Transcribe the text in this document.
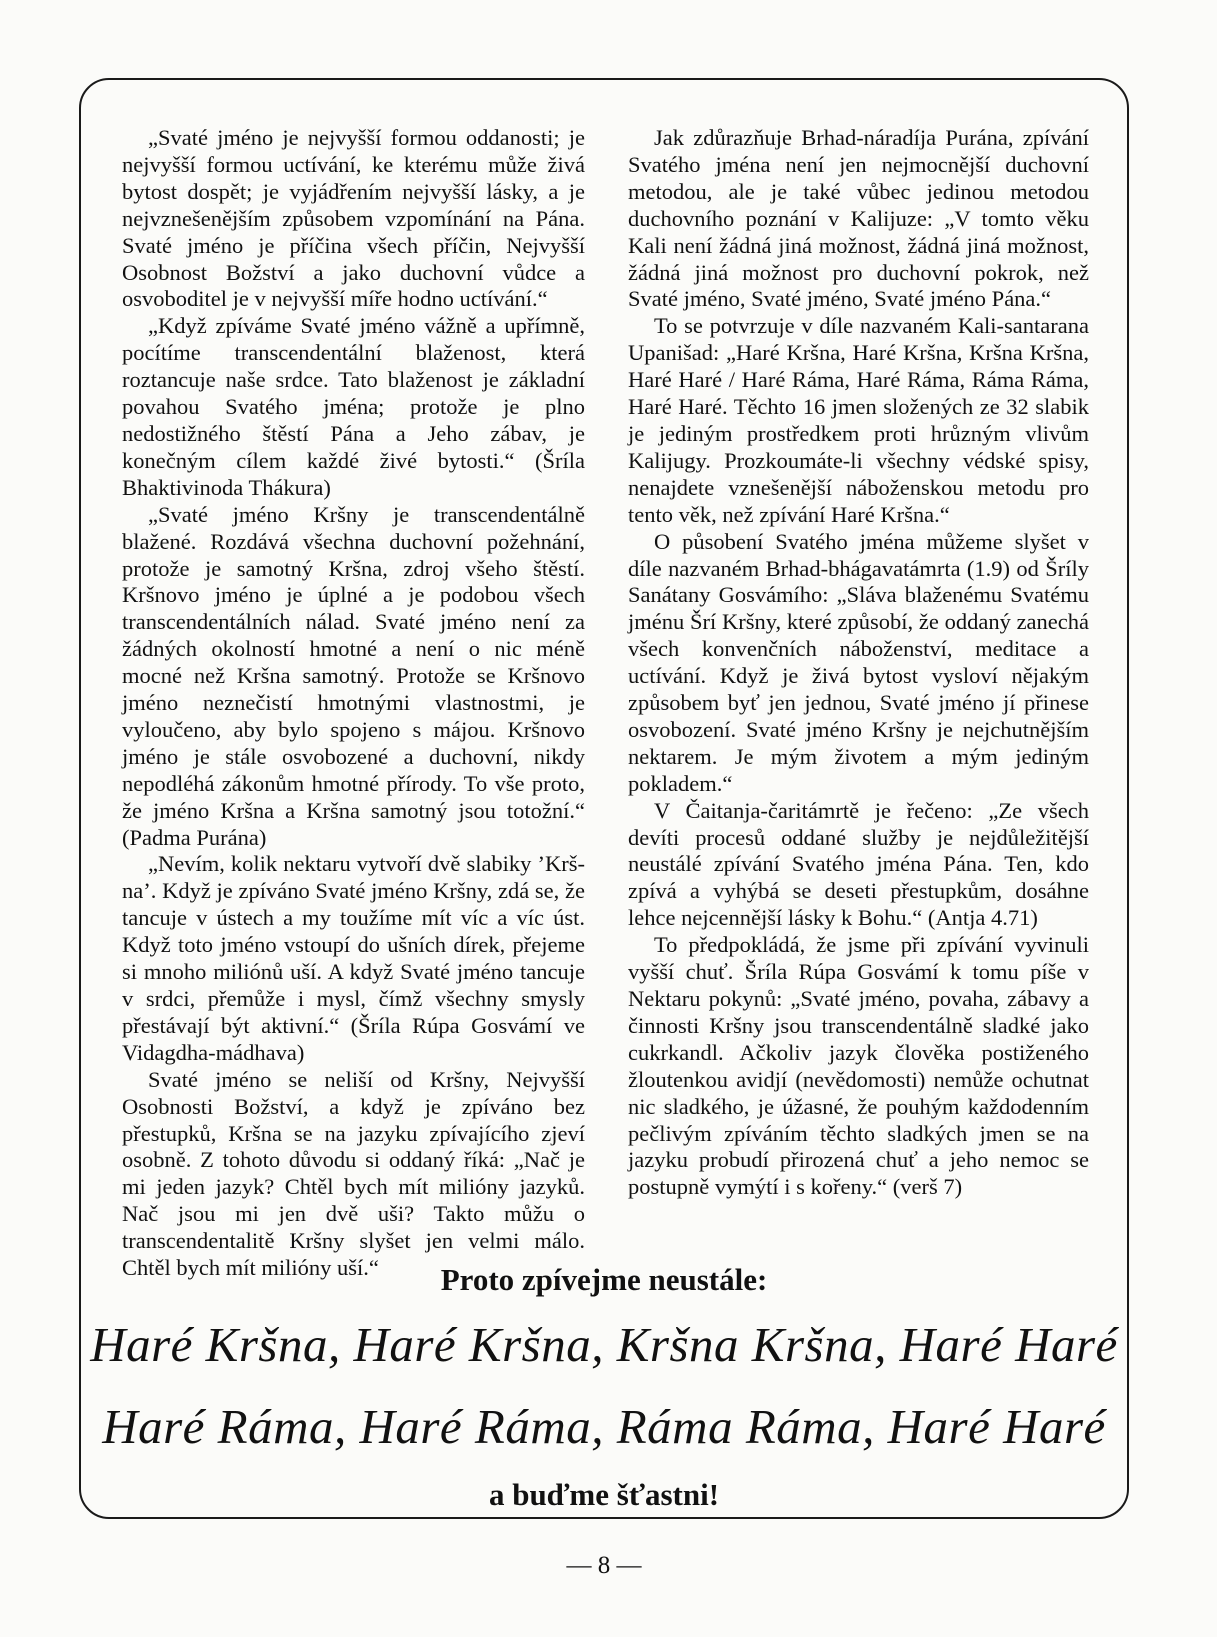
„Svaté jméno je nejvyšší formou oddanosti; je nejvyšší formou uctívání, ke kterému může živá bytost dospět; je vyjádřením nejvyšší lásky, a je nejvznešenějším způsobem vzpomínání na Pána. Svaté jméno je příčina všech příčin, Nejvyšší Osobnost Božství a jako duchovní vůdce a osvoboditel je v nejvyšší míře hodno uctívání.“

„Když zpíváme Svaté jméno vážně a upřímně, pocítíme transcendentální blaženost, která roztancuje naše srdce. Tato blaženost je základní povahou Svatého jména; protože je plno nedostižného štěstí Pána a Jeho zábav, je konečným cílem každé živé bytosti.“ (Šríla Bhaktivinoda Thákura)

„Svaté jméno Kršny je transcendentálně blažené. Rozdává všechna duchovní požehnání, protože je samotný Kršna, zdroj všeho štěstí. Kršnovo jméno je úplné a je podobou všech transcendentálních nálad. Svaté jméno není za žádných okolností hmotné a není o nic méně mocné než Kršna samotný. Protože se Kršnovo jméno neznečistí hmotnými vlastnostmi, je vyloučeno, aby bylo spojeno s májou. Kršnovo jméno je stále osvobozené a duchovní, nikdy nepodléhá zákonům hmotné přírody. To vše proto, že jméno Kršna a Kršna samotný jsou totožní.“ (Padma Purána)

„Nevím, kolik nektaru vytvoří dvě slabiky ’Krš-na’. Když je zpíváno Svaté jméno Kršny, zdá se, že tancuje v ústech a my toužíme mít víc a víc úst. Když toto jméno vstoupí do ušních dírek, přejeme si mnoho miliónů uší. A když Svaté jméno tancuje v srdci, přemůže i mysl, čímž všechny smysly přestávají být aktivní.“ (Šríla Rúpa Gosvámí ve Vidagdha-mádhava)

Svaté jméno se neliší od Kršny, Nejvyšší Osobnosti Božství, a když je zpíváno bez přestupků, Kršna se na jazyku zpívajícího zjeví osobně. Z tohoto důvodu si oddaný říká: „Nač je mi jeden jazyk? Chtěl bych mít milióny jazyků. Nač jsou mi jen dvě uši? Takto můžu o transcendentalitě Kršny slyšet jen velmi málo. Chtěl bych mít milióny uší.“

Jak zdůrazňuje Brhad-náradíja Purána, zpívání Svatého jména není jen nejmocnější duchovní metodou, ale je také vůbec jedinou metodou duchovního poznání v Kalijuze: „V tomto věku Kali není žádná jiná možnost, žádná jiná možnost, žádná jiná možnost pro duchovní pokrok, než Svaté jméno, Svaté jméno, Svaté jméno Pána.“

To se potvrzuje v díle nazvaném Kali-santarana Upanišad: „Haré Kršna, Haré Kršna, Kršna Kršna, Haré Haré / Haré Ráma, Haré Ráma, Ráma Ráma, Haré Haré. Těchto 16 jmen složených ze 32 slabik je jediným prostředkem proti hrůzným vlivům Kalijugy. Prozkoumáte-li všechny védské spisy, nenajdete vznešenější náboženskou metodu pro tento věk, než zpívání Haré Kršna.“

O působení Svatého jména můžeme slyšet v díle nazvaném Brhad-bhágavatámrta (1.9) od Šríly Sanátany Gosvámího: „Sláva blaženému Svatému jménu Šrí Kršny, které způsobí, že oddaný zanechá všech konvenčních náboženství, meditace a uctívání. Když je živá bytost vysloví nějakým způsobem byť jen jednou, Svaté jméno jí přinese osvobození. Svaté jméno Kršny je nejchutnějším nektarem. Je mým životem a mým jediným pokladem.“

V Čaitanja-čaritámrtě je řečeno: „Ze všech devíti procesů oddané služby je nejdůležitější neustálé zpívání Svatého jména Pána. Ten, kdo zpívá a vyhýbá se deseti přestupkům, dosáhne lehce nejcennější lásky k Bohu.“ (Antja 4.71)

To předpokládá, že jsme při zpívání vyvinuli vyšší chuť. Šríla Rúpa Gosvámí k tomu píše v Nektaru pokynů: „Svaté jméno, povaha, zábavy a činnosti Kršny jsou transcendentálně sladké jako cukrkandl. Ačkoliv jazyk člověka postiženého žloutenkou avidjí (nevědomosti) nemůže ochutnat nic sladkého, je úžasné, že pouhým každodenním pečlivým zpíváním těchto sladkých jmen se na jazyku probudí přirozená chuť a jeho nemoc se postupně vymýtí i s kořeny.“ (verš 7)

Proto zpívejme neustále:
Haré Kršna, Haré Kršna, Kršna Kršna, Haré Haré
Haré Ráma, Haré Ráma, Ráma Ráma, Haré Haré
a buďme šťastni!
— 8 —
